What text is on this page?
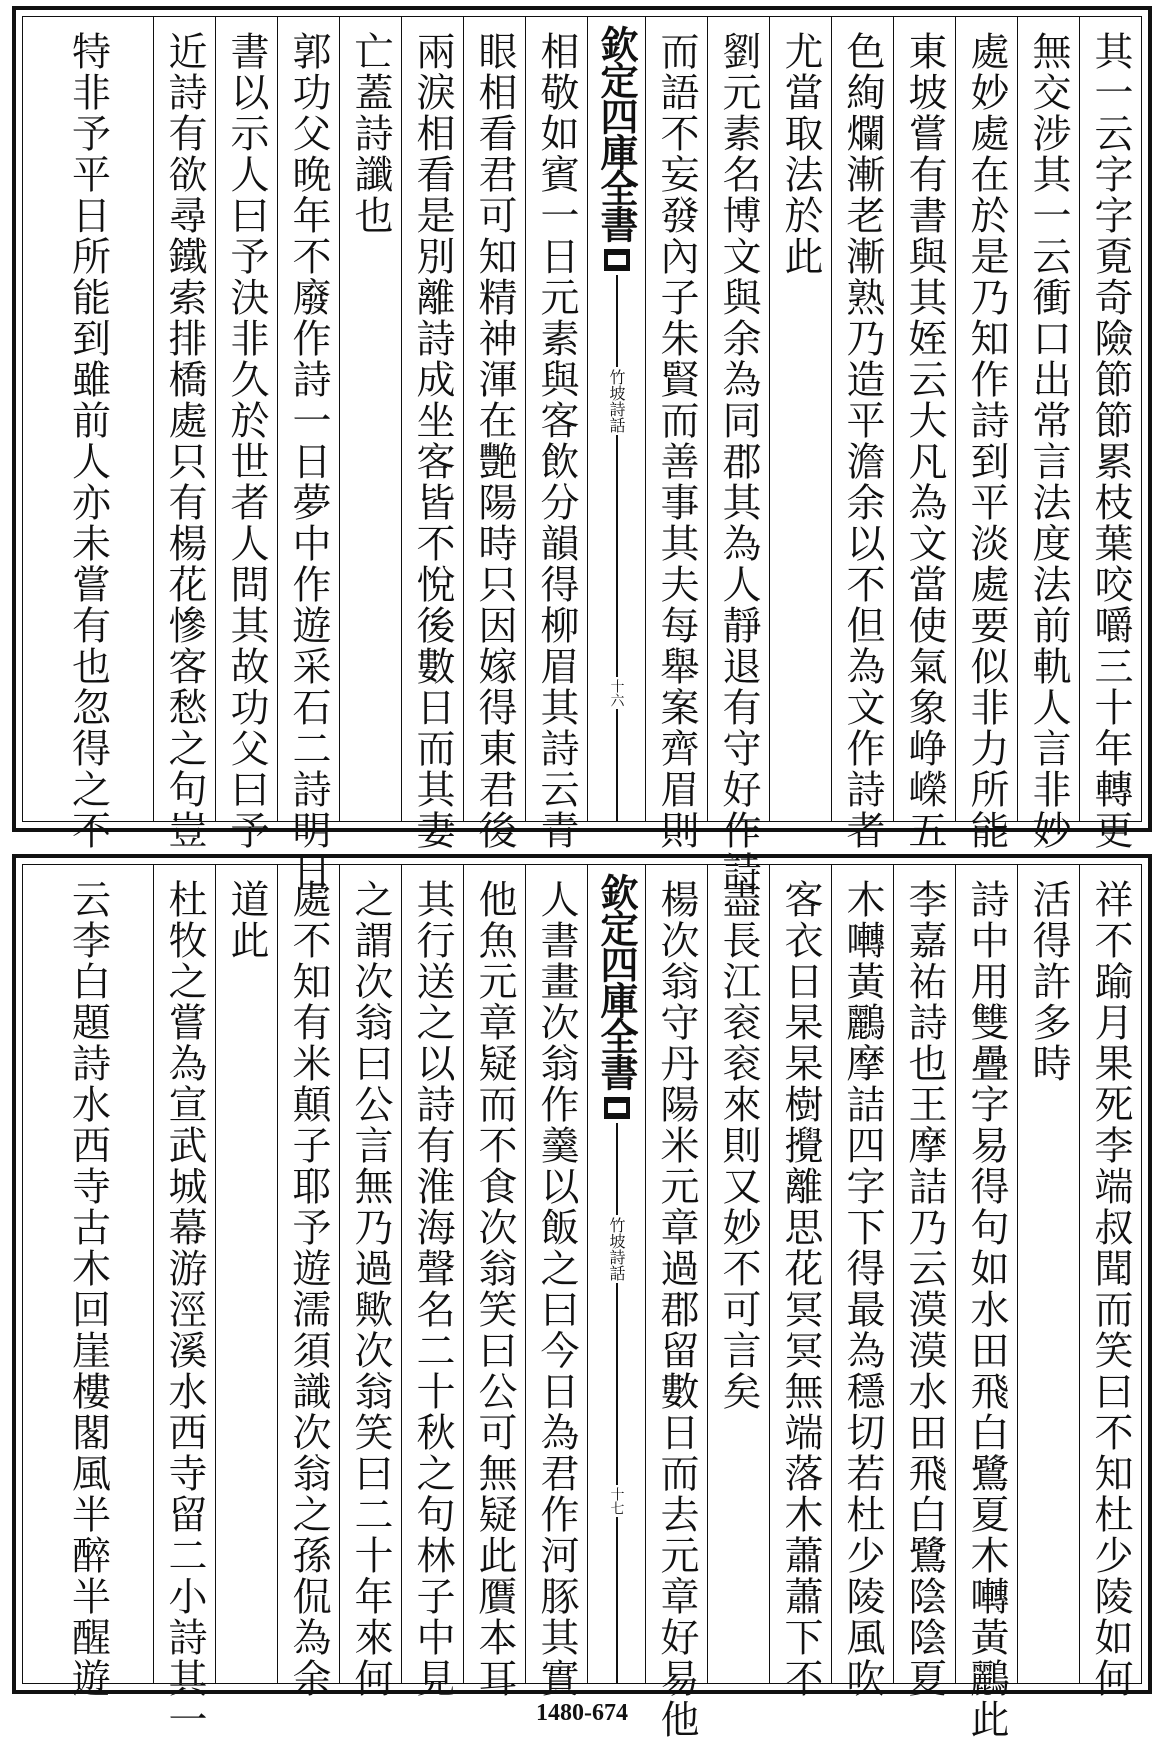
其一云字字覔奇險節節累枝葉咬嚼三十年轉更
無交涉其一云衝口出常言法度法前軌人言非妙
處妙處在於是乃知作詩到平淡處要似非力所能
東坡嘗有書與其姪云大凡為文當使氣象峥嶸五
色絢爛漸老漸熟乃造平澹余以不但為文作詩者
尤當取法於此
劉元素名博文與余為同郡其為人靜退有守好作詩
而語不妄發內子朱賢而善事其夫每舉案齊眉則
欽定四庫全書
竹坡詩話
十六
相敬如賓一日元素與客飲分韻得柳眉其詩云青
眼相看君可知精神渾在艷陽時只因嫁得東君後
兩淚相看是別離詩成坐客皆不悅後數日而其妻
亡蓋詩讖也
郭功父晚年不廢作詩一日夢中作遊采石二詩明日
書以示人曰予決非久於世者人問其故功父曰予
近詩有欲尋鐵索排橋處只有楊花慘客愁之句豈
特非予平日所能到雖前人亦未嘗有也忽得之不
祥不踰月果死李端叔聞而笑曰不知杜少陵如何
活得許多時
詩中用雙疊字易得句如水田飛白鷺夏木囀黃鸝此
李嘉祐詩也王摩詰乃云漠漠水田飛白鷺陰陰夏
木囀黃鸝摩詰四字下得最為穩切若杜少陵風吹
客衣日杲杲樹攪離思花冥冥無端落木蕭蕭下不
盡長江衮衮來則又妙不可言矣
楊次翁守丹陽米元章過郡留數日而去元章好易他
欽定四庫全書
竹坡詩話
十七
人書畫次翁作羹以飯之曰今日為君作河豚其實
他魚元章疑而不食次翁笑曰公可無疑此贋本耳
其行送之以詩有淮海聲名二十秋之句林子中見
之謂次翁曰公言無乃過歟次翁笑曰二十年來何
處不知有米顛子耶予遊濡須識次翁之孫侃為余
道此
杜牧之嘗為宣武城幕游涇溪水西寺留二小詩其一
云李白題詩水西寺古木回崖樓閣風半醉半醒遊
1480-674
